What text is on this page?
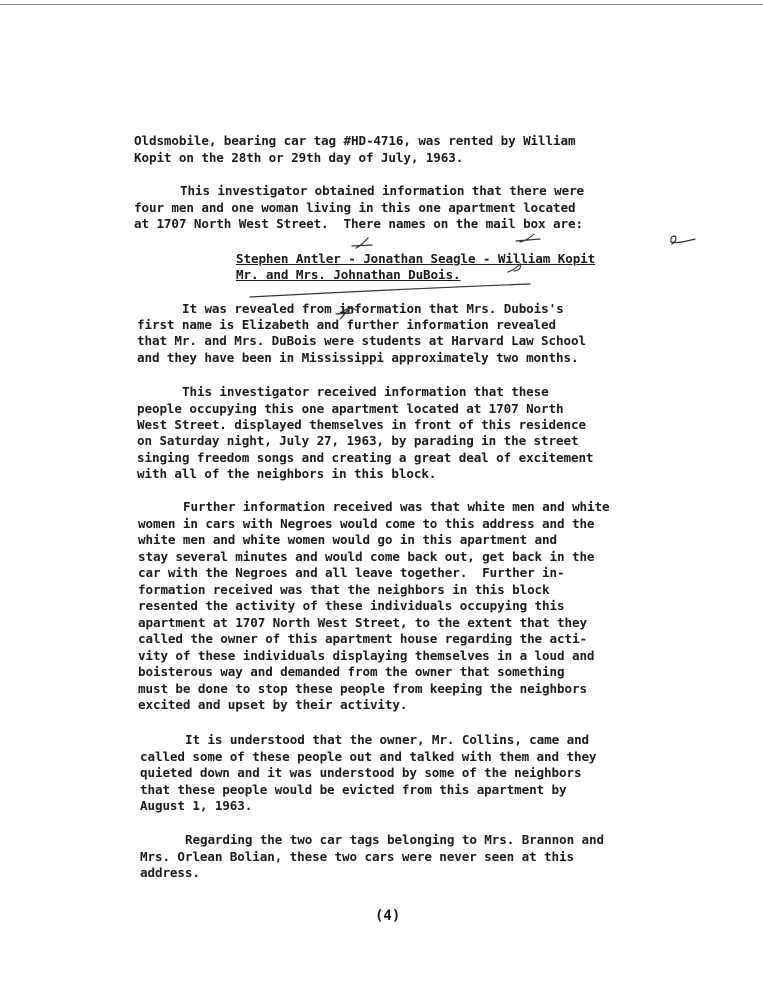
Oldsmobile, bearing car tag #HD-4716, was rented by William
Kopit on the 28th or 29th day of July, 1963.
This investigator obtained information that there were
four men and one woman living in this one apartment located
at 1707 North West Street.  There names on the mail box are:
Stephen Antler - Jonathan Seagle - William Kopit
Mr. and Mrs. Johnathan DuBois.
It was revealed from information that Mrs. Dubois's
first name is Elizabeth and further information revealed
that Mr. and Mrs. DuBois were students at Harvard Law School
and they have been in Mississippi approximately two months.
This investigator received information that these
people occupying this one apartment located at 1707 North
West Street. displayed themselves in front of this residence
on Saturday night, July 27, 1963, by parading in the street
singing freedom songs and creating a great deal of excitement
with all of the neighbors in this block.
Further information received was that white men and white
women in cars with Negroes would come to this address and the
white men and white women would go in this apartment and
stay several minutes and would come back out, get back in the
car with the Negroes and all leave together.  Further in-
formation received was that the neighbors in this block
resented the activity of these individuals occupying this
apartment at 1707 North West Street, to the extent that they
called the owner of this apartment house regarding the acti-
vity of these individuals displaying themselves in a loud and
boisterous way and demanded from the owner that something
must be done to stop these people from keeping the neighbors
excited and upset by their activity.
It is understood that the owner, Mr. Collins, came and
called some of these people out and talked with them and they
quieted down and it was understood by some of the neighbors
that these people would be evicted from this apartment by
August 1, 1963.
Regarding the two car tags belonging to Mrs. Brannon and
Mrs. Orlean Bolian, these two cars were never seen at this
address.
(4)
